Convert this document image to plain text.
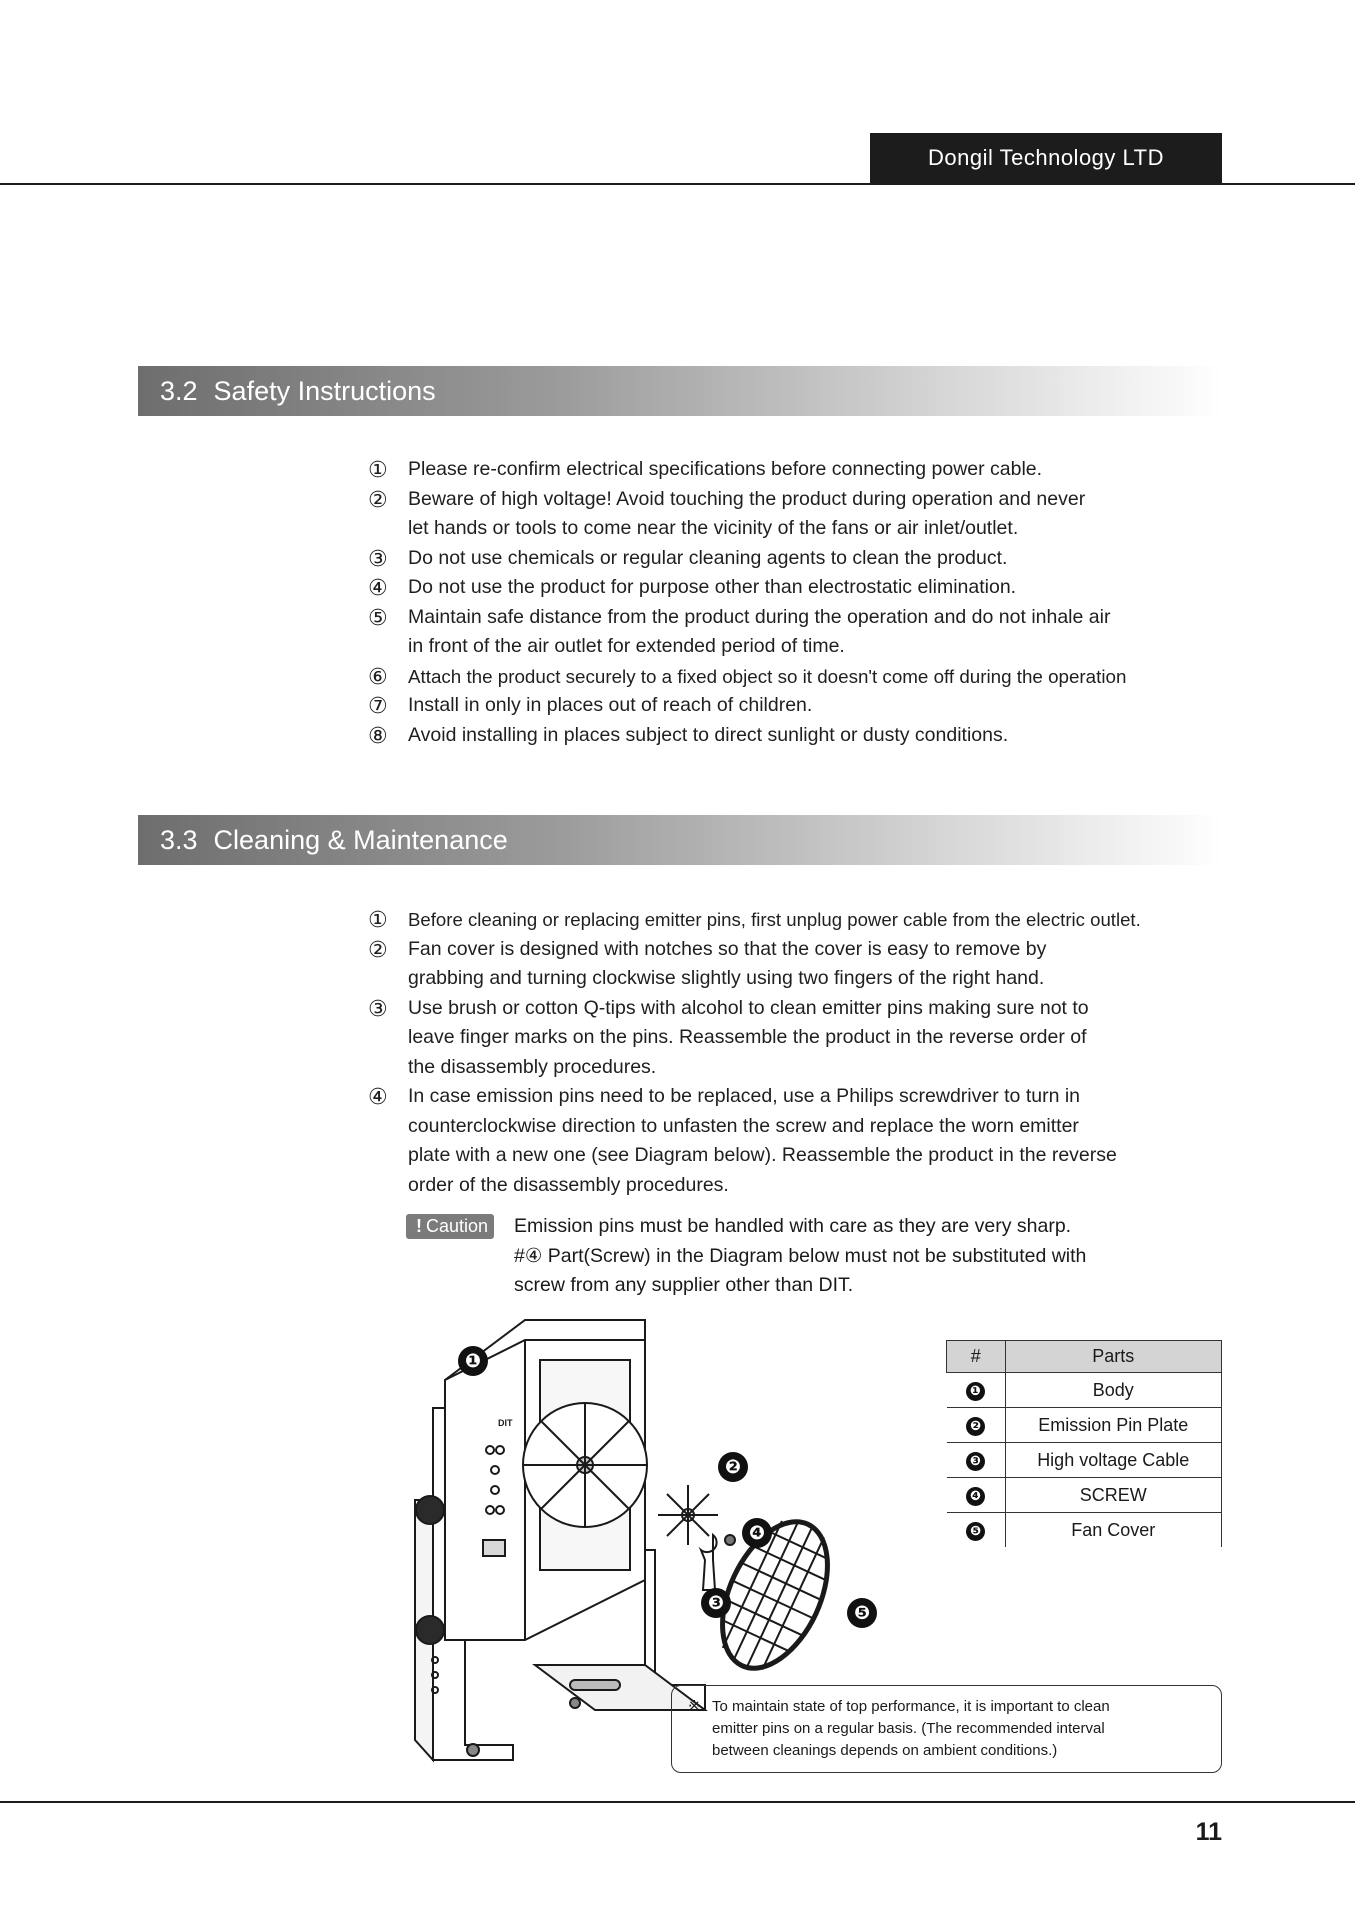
Dongil Technology LTD
3.2 Safety Instructions
①	Please re-confirm electrical specifications before connecting power cable.
②	Beware of high voltage! Avoid touching the product during operation and never
let hands or tools to come near the vicinity of the fans or air inlet/outlet.
③	Do not use chemicals or regular cleaning agents to clean the product.
④	Do not use the product for purpose other than electrostatic elimination.
⑤	Maintain safe distance from the product during the operation and do not inhale air
in front of the air outlet for extended period of time.
⑥	Attach the product securely to a fixed object so it doesn't come off during the operation
⑦	Install in only in places out of reach of children.
⑧	Avoid installing in places subject to direct sunlight or dusty conditions.
3.3 Cleaning & Maintenance
①	Before cleaning or replacing emitter pins, first unplug power cable from the electric outlet.
②	Fan cover is designed with notches so that the cover is easy to remove by
grabbing and turning clockwise slightly using two fingers of the right hand.
③	Use brush or cotton Q-tips with alcohol to clean emitter pins making sure not to
leave finger marks on the pins. Reassemble the product in the reverse order of
the disassembly procedures.
④	In case emission pins need to be replaced, use a Philips screwdriver to turn in
counterclockwise direction to unfasten the screw and replace the worn emitter
plate with a new one (see Diagram below). Reassemble the product in the reverse
order of the disassembly procedures.
! Caution	Emission pins must be handled with care as they are very sharp.
#④ Part(Screw) in the Diagram below must not be substituted with
screw from any supplier other than DIT.
❶
❷
❸
❹
❺
DIT
#	Parts
❶	Body
❷	Emission Pin Plate
❸	High voltage Cable
❹	SCREW
❺	Fan Cover
※ To maintain state of top performance, it is important to clean
emitter pins on a regular basis. (The recommended interval
between cleanings depends on ambient conditions.)
11
